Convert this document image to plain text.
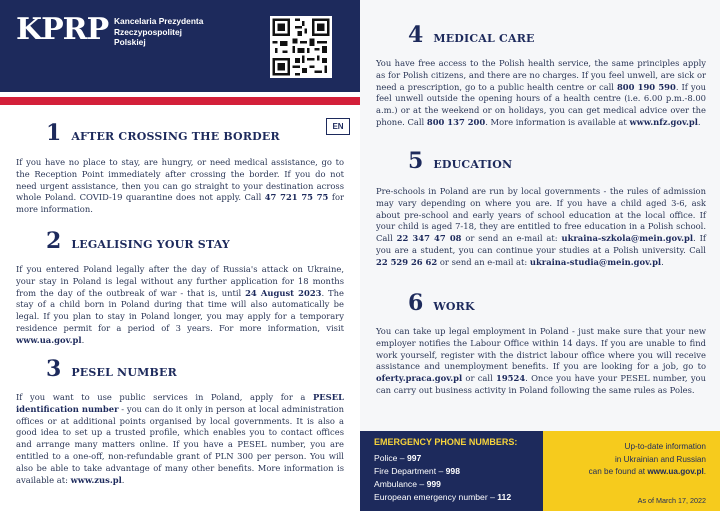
KPRP Kancelaria Prezydenta
Rzeczypospolitej
Polskiej
EN
1 AFTER CROSSING THE BORDER
If you have no place to stay, are hungry, or need medical assistance, go to the Reception Point immediately after crossing the border. If you do not need urgent assistance, then you can go straight to your destination across whole Poland. COVID-19 quarantine does not apply. Call 47 721 75 75 for more information.
2 LEGALISING YOUR STAY
If you entered Poland legally after the day of Russia's attack on Ukraine, your stay in Poland is legal without any further application for 18 months from the day of the outbreak of war - that is, until 24 August 2023. The stay of a child born in Poland during that time will also automatically be legal. If you plan to stay in Poland longer, you may apply for a temporary residence permit for a period of 3 years. For more information, visit www.ua.gov.pl.
3 PESEL NUMBER
If you want to use public services in Poland, apply for a PESEL identification number - you can do it only in person at local administration offices or at additional points organised by local governments. It is also a good idea to set up a trusted profile, which enables you to contact offices and arrange many matters online. If you have a PESEL number, you are entitled to a one-off, non-refundable grant of PLN 300 per person. You will also be able to take advantage of many other benefits. More information is available at: www.zus.pl.
4 MEDICAL CARE
You have free access to the Polish health service, the same principles apply as for Polish citizens, and there are no charges. If you feel unwell, are sick or need a prescription, go to a public health centre or call 800 190 590. If you feel unwell outside the opening hours of a health centre (i.e. 6.00 p.m.-8.00 a.m.) or at the weekend or on holidays, you can get medical advice over the phone. Call 800 137 200. More information is available at www.nfz.gov.pl.
5 EDUCATION
Pre-schools in Poland are run by local governments - the rules of admission may vary depending on where you are. If you have a child aged 3-6, ask about pre-school and early years of school education at the local office. If your child is aged 7-18, they are entitled to free education in a Polish school. Call 22 347 47 08 or send an e-mail at: ukraina-szkola@mein.gov.pl. If you are a student, you can continue your studies at a Polish university. Call 22 529 26 62 or send an e-mail at: ukraina-studia@mein.gov.pl.
6 WORK
You can take up legal employment in Poland - just make sure that your new employer notifies the Labour Office within 14 days. If you are unable to find work yourself, register with the district labour office where you will receive assistance and unemployment benefits. If you are looking for a job, go to oferty.praca.gov.pl or call 19524. Once you have your PESEL number, you can carry out business activity in Poland following the same rules as Poles.
EMERGENCY PHONE NUMBERS:
Police – 997
Fire Department – 998
Ambulance – 999
European emergency number – 112
Up-to-date information
in Ukrainian and Russian
can be found at www.ua.gov.pl.
As of March 17, 2022
